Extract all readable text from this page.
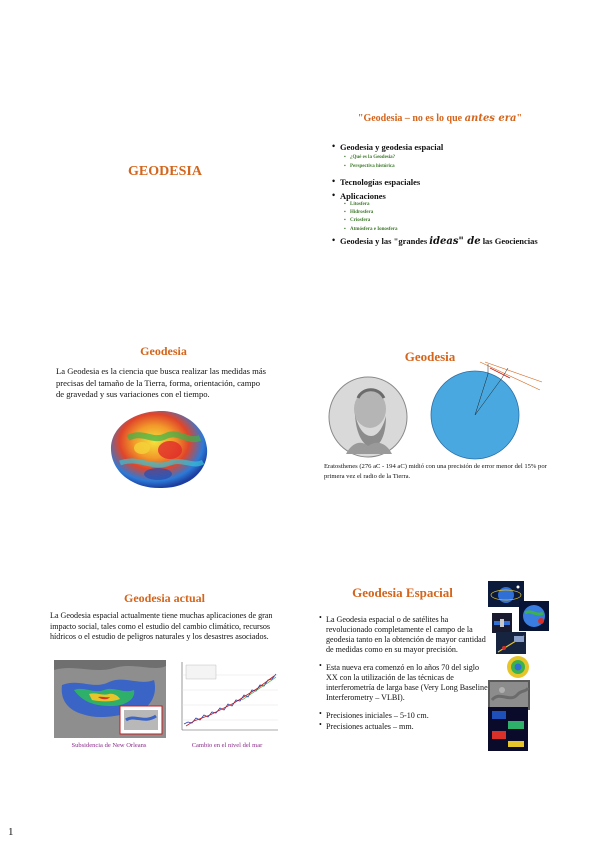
GEODESIA
"Geodesia – no es lo que antes era"
• Geodesia y geodesia espacial
▪ ¿Qué es la Geodesia?
▪ Perspectiva histórica
• Tecnologías espaciales
• Aplicaciones
▪ Litosfera
▪ Hidrosfera
▪ Criosfera
▪ Atmósfera e Ionosfera
• Geodesia y las "grandes ideas" de las Geociencias
Geodesia
La Geodesia es la ciencia que busca realizar las medidas más precisas del tamaño de la Tierra, forma, orientación, campo de gravedad y sus variaciones con el tiempo.
Geodesia
Eratosthenes (276 aC - 194 aC) midió con una precisión de error menor del 15% por primera vez el radio de la Tierra.
Geodesia actual
La Geodesia espacial actualmente tiene muchas aplicaciones de gran impacto social, tales como el estudio del cambio climático, recursos hídricos o el estudio de peligros naturales y los desastres asociados.
Subsidencia de New Orleans	Cambio en el nivel del mar
Geodesia Espacial
• La Geodesia espacial o de satélites ha revolucionado completamente el campo de la geodesia tanto en la obtención de mayor cantidad de medidas como en su mayor precisión.
• Esta nueva era comenzó en lo años 70 del siglo XX con la utilización de las técnicas de interferometría de larga base (Very Long Baseline Interferometry – VLBI).
• Precisiones iniciales – 5-10 cm.
• Precisiones actuales – mm.
1
